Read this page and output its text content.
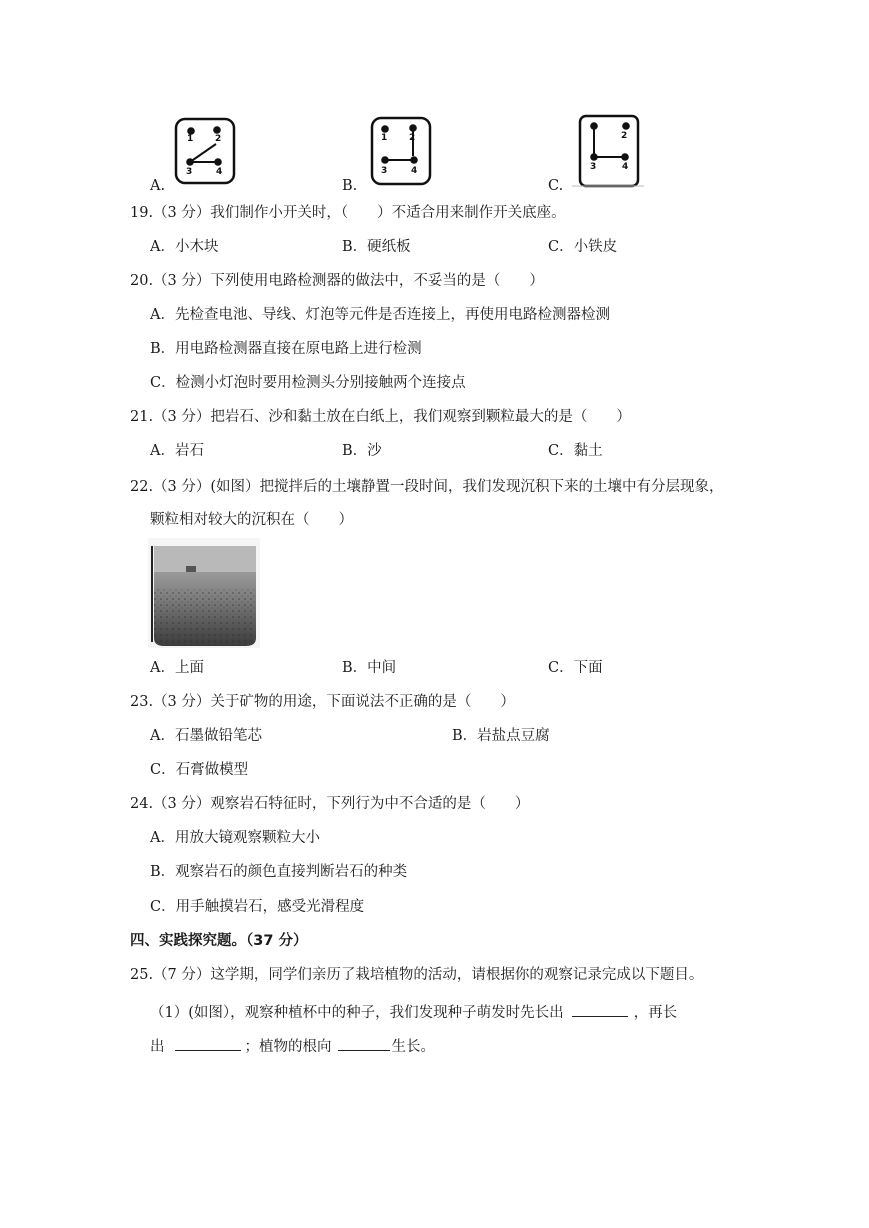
A.
1 2
3	4
B.
1 2
3	4
C.
2
3	4
19.（3 分）我们制作小开关时，（　　）不适合用来制作开关底座。
A．小木块	B．硬纸板	C．小铁皮
20.（3 分）下列使用电路检测器的做法中，不妥当的是（　　）
A．先检查电池、导线、灯泡等元件是否连接上，再使用电路检测器检测
B．用电路检测器直接在原电路上进行检测
C．检测小灯泡时要用检测头分别接触两个连接点
21.（3 分）把岩石、沙和黏土放在白纸上，我们观察到颗粒最大的是（　　）
A．岩石	B．沙	C．黏土
22.（3 分）(如图）把搅拌后的土壤静置一段时间，我们发现沉积下来的土壤中有分层现象，
颗粒相对较大的沉积在（　　）
A．上面	B．中间	C．下面
23.（3 分）关于矿物的用途，下面说法不正确的是（　　）
A．石墨做铅笔芯	B．岩盐点豆腐
C．石膏做模型
24.（3 分）观察岩石特征时，下列行为中不合适的是（　　）
A．用放大镜观察颗粒大小
B．观察岩石的颜色直接判断岩石的种类
C．用手触摸岩石，感受光滑程度
四、实践探究题。（37 分）
25.（7 分）这学期，同学们亲历了栽培植物的活动，请根据你的观察记录完成以下题目。
（1）(如图），观察种植杯中的种子，我们发现种子萌发时先长出	，再长
出	；植物的根向	生长。
